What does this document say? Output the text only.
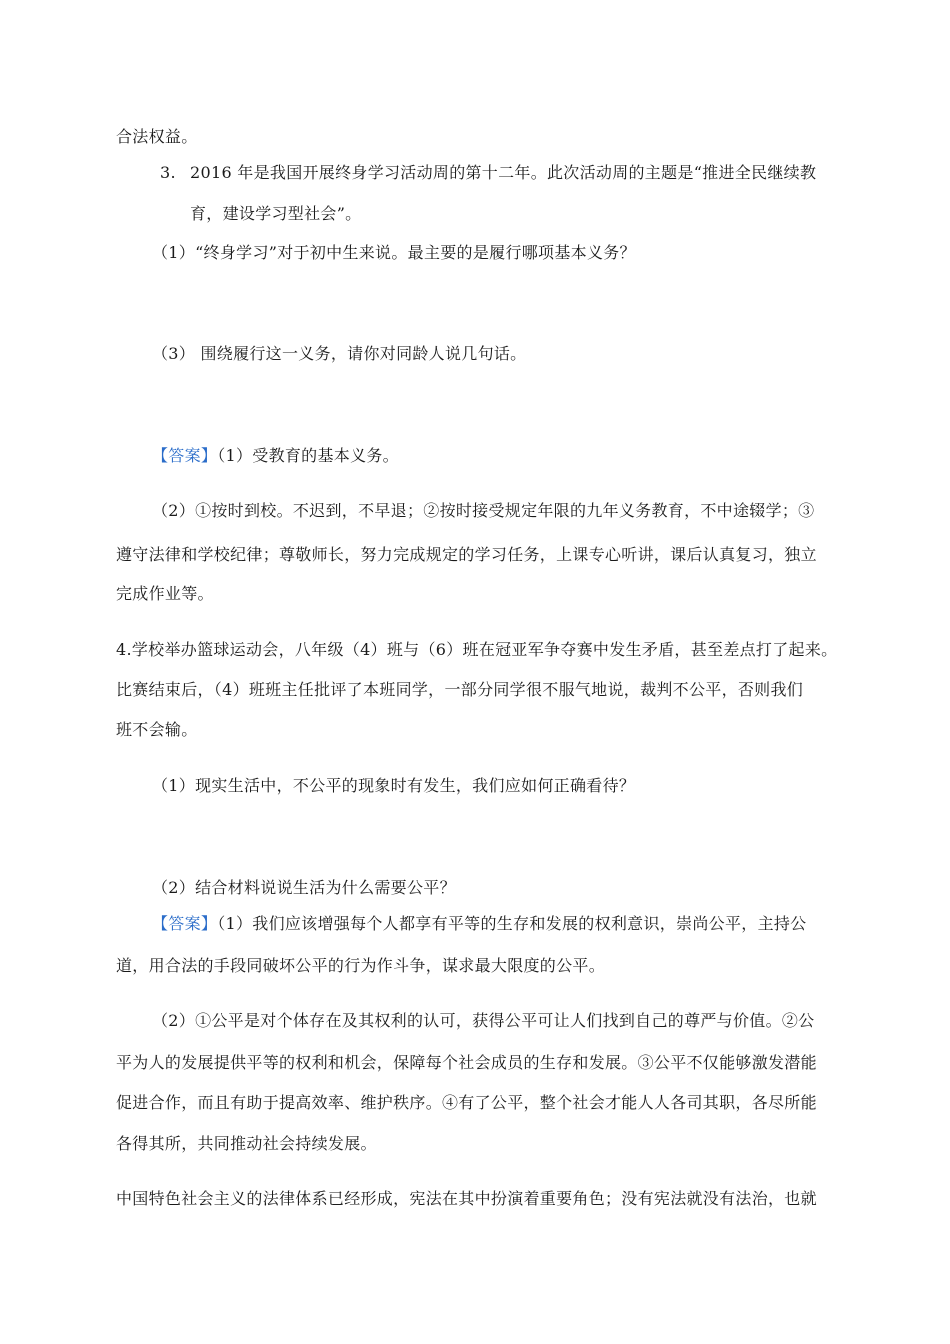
合法权益。
3. 2016 年是我国开展终身学习活动周的第十二年。此次活动周的主题是“推进全民继续教
育，建设学习型社会”。
（1）“终身学习”对于初中生来说。最主要的是履行哪项基本义务？
（3） 围绕履行这一义务，请你对同龄人说几句话。
【答案】（1）受教育的基本义务。
（2）①按时到校。不迟到，不早退；②按时接受规定年限的九年义务教育，不中途辍学；③
遵守法律和学校纪律；尊敬师长，努力完成规定的学习任务，上课专心听讲，课后认真复习，独立
完成作业等。
4.学校举办篮球运动会，八年级（4）班与（6）班在冠亚军争夺赛中发生矛盾，甚至差点打了起来。
比赛结束后，（4）班班主任批评了本班同学，一部分同学很不服气地说，裁判不公平，否则我们
班不会输。
（1）现实生活中，不公平的现象时有发生，我们应如何正确看待？
（2）结合材料说说生活为什么需要公平？
【答案】（1）我们应该增强每个人都享有平等的生存和发展的权利意识，崇尚公平，主持公
道，用合法的手段同破坏公平的行为作斗争，谋求最大限度的公平。
（2）①公平是对个体存在及其权利的认可，获得公平可让人们找到自己的尊严与价值。②公
平为人的发展提供平等的权利和机会，保障每个社会成员的生存和发展。③公平不仅能够激发潜能
促进合作，而且有助于提高效率、维护秩序。④有了公平，整个社会才能人人各司其职，各尽所能
各得其所，共同推动社会持续发展。
中国特色社会主义的法律体系已经形成，宪法在其中扮演着重要角色；没有宪法就没有法治，也就
